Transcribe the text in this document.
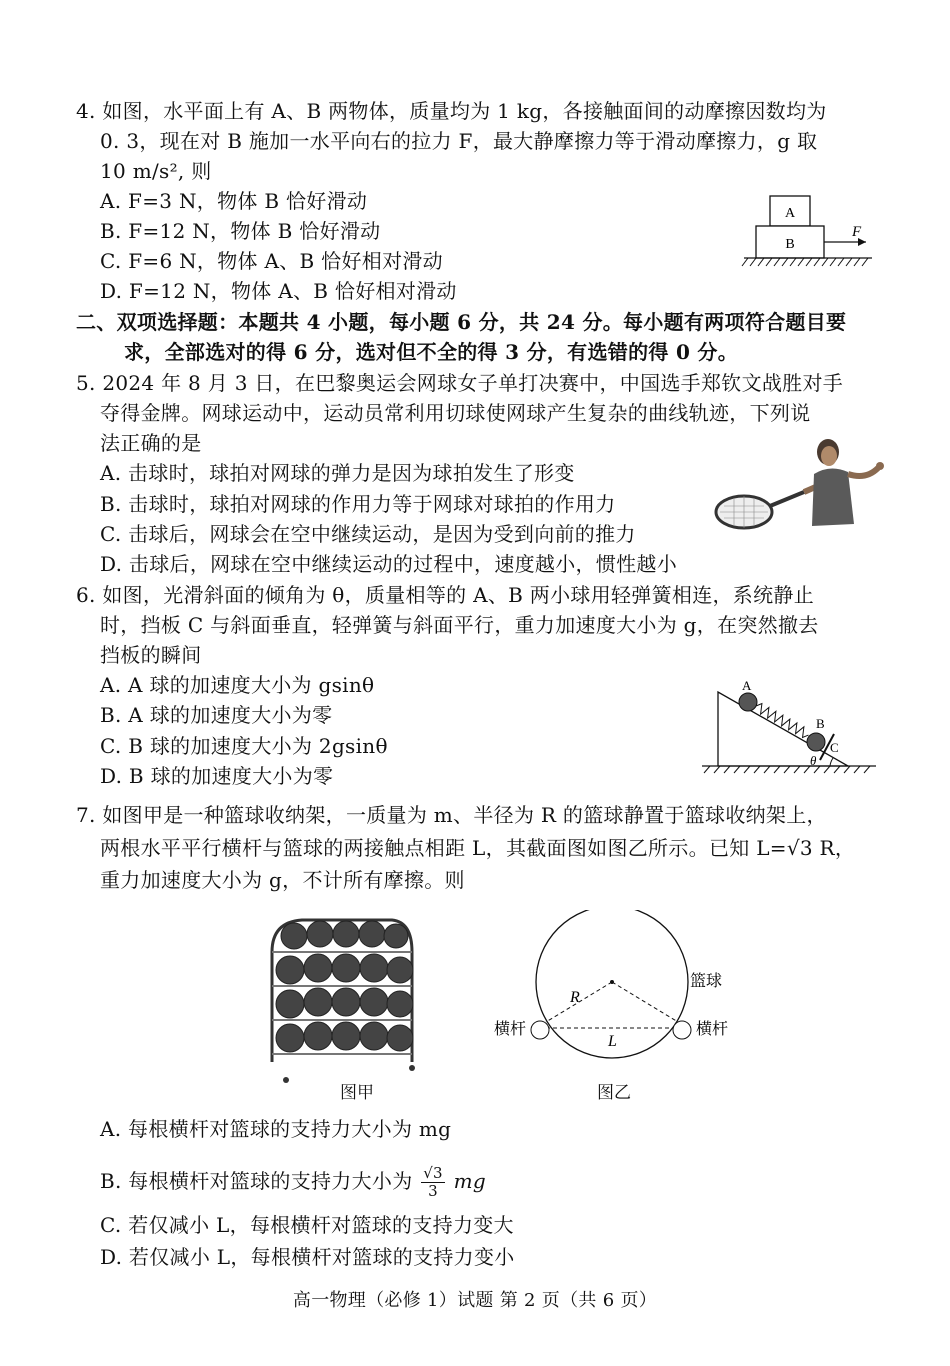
4. 如图，水平面上有 A、B 两物体，质量均为 1 kg，各接触面间的动摩擦因数均为
0. 3，现在对 B 施加一水平向右的拉力 F，最大静摩擦力等于滑动摩擦力，g 取
10 m/s², 则
A. F=3 N，物体 B 恰好滑动
B. F=12 N，物体 B 恰好滑动
C. F=6 N，物体 A、B 恰好相对滑动
D. F=12 N，物体 A、B 恰好相对滑动
A
B
F
二、双项选择题：本题共 4 小题，每小题 6 分，共 24 分。每小题有两项符合题目要
求，全部选对的得 6 分，选对但不全的得 3 分，有选错的得 0 分。
5. 2024 年 8 月 3 日，在巴黎奥运会网球女子单打决赛中，中国选手郑钦文战胜对手
夺得金牌。网球运动中，运动员常利用切球使网球产生复杂的曲线轨迹，下列说
法正确的是
A. 击球时，球拍对网球的弹力是因为球拍发生了形变
B. 击球时，球拍对网球的作用力等于网球对球拍的作用力
C. 击球后，网球会在空中继续运动，是因为受到向前的推力
D. 击球后，网球在空中继续运动的过程中，速度越小，惯性越小
6. 如图，光滑斜面的倾角为 θ，质量相等的 A、B 两小球用轻弹簧相连，系统静止
时，挡板 C 与斜面垂直，轻弹簧与斜面平行，重力加速度大小为 g，在突然撤去
挡板的瞬间
A. A 球的加速度大小为 gsinθ
B. A 球的加速度大小为零
C. B 球的加速度大小为 2gsinθ
D. B 球的加速度大小为零
A
B
C
θ
7. 如图甲是一种篮球收纳架，一质量为 m、半径为 R 的篮球静置于篮球收纳架上，
两根水平平行横杆与篮球的两接触点相距 L，其截面图如图乙所示。已知 L=√3 R，
重力加速度大小为 g，不计所有摩擦。则
图甲
R
L
篮球
横杆	横杆
图乙
A. 每根横杆对篮球的支持力大小为 mg
B. 每根横杆对篮球的支持力大小为 $\frac{√3}{3}$ mg
C. 若仅减小 L，每根横杆对篮球的支持力变大
D. 若仅减小 L，每根横杆对篮球的支持力变小
高一物理（必修 1）试题 第 2 页（共 6 页）
